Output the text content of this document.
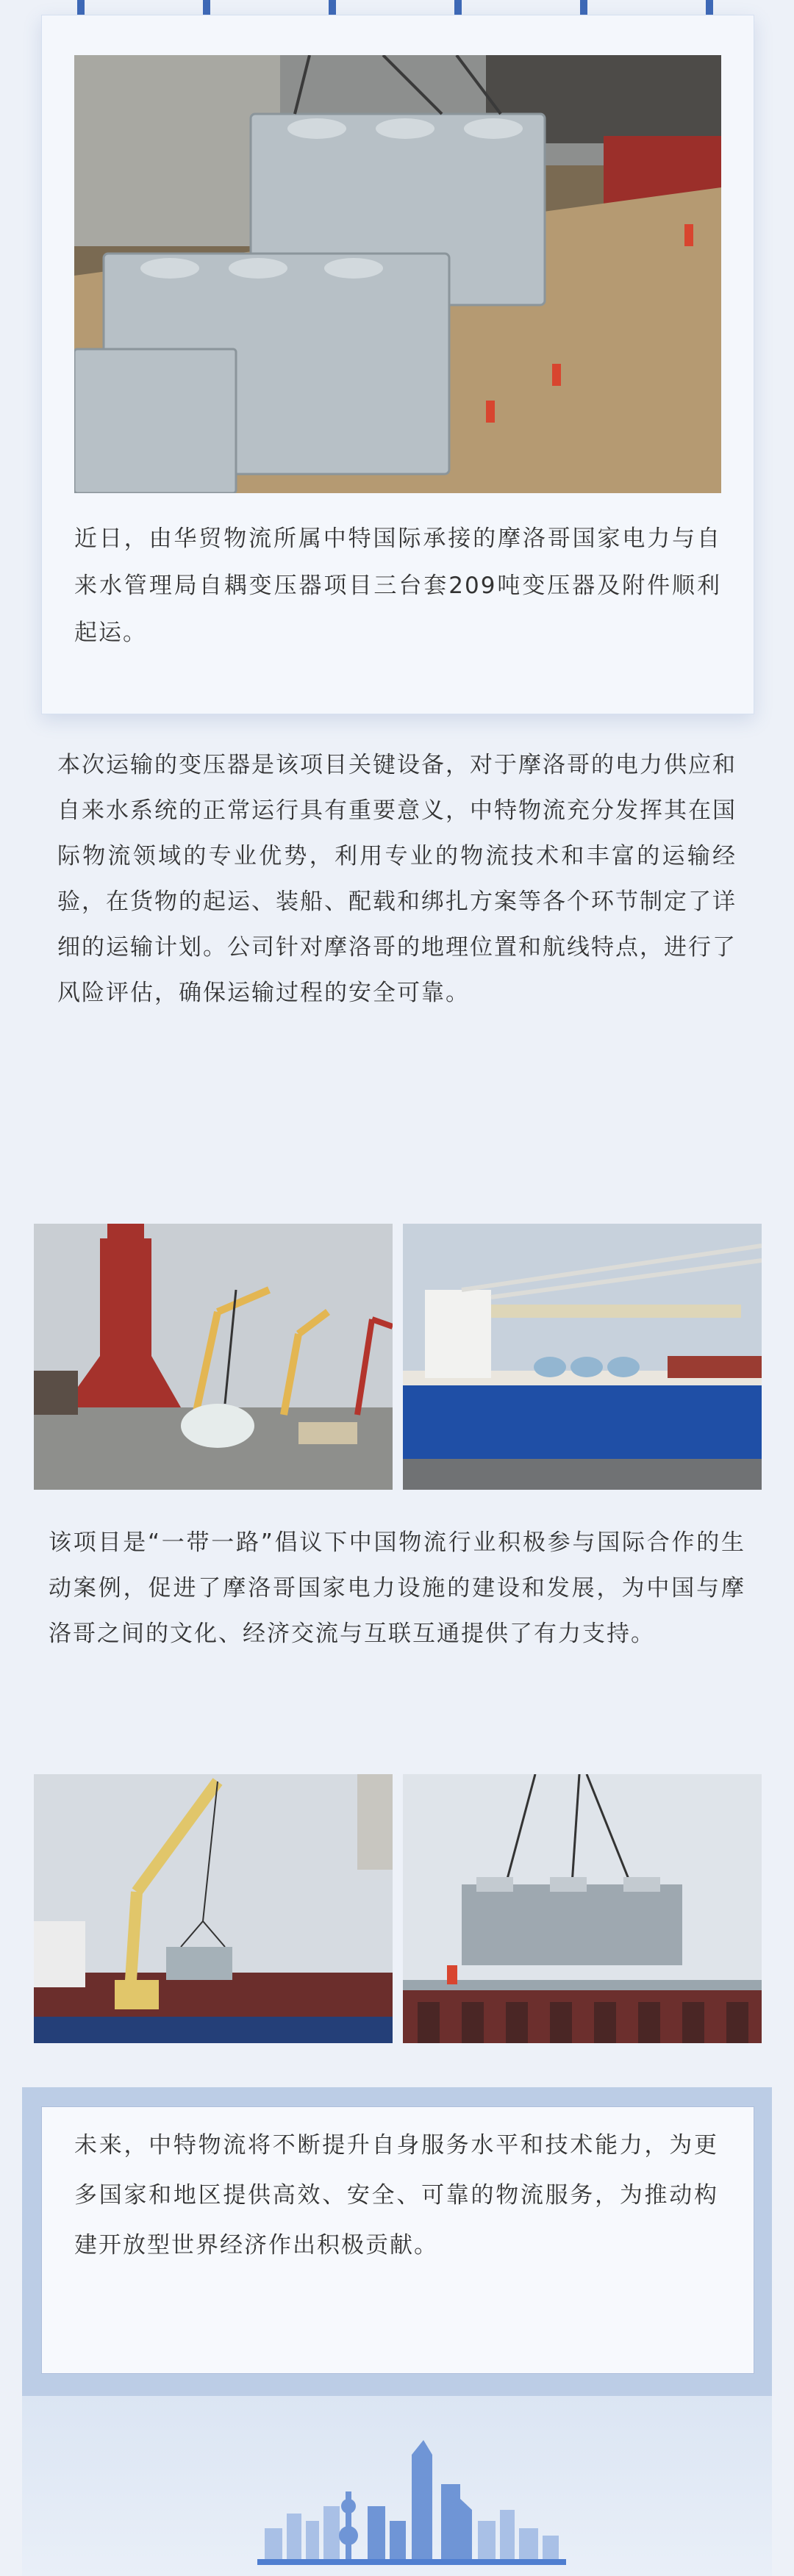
近日，由华贸物流所属中特国际承接的摩洛哥国家电力与自来水管理局自耦变压器项目三台套209吨变压器及附件顺利起运。
本次运输的变压器是该项目关键设备，对于摩洛哥的电力供应和自来水系统的正常运行具有重要意义，中特物流充分发挥其在国际物流领域的专业优势，利用专业的物流技术和丰富的运输经验，在货物的起运、装船、配载和绑扎方案等各个环节制定了详细的运输计划。公司针对摩洛哥的地理位置和航线特点，进行了风险评估，确保运输过程的安全可靠。
该项目是“一带一路”倡议下中国物流行业积极参与国际合作的生动案例，促进了摩洛哥国家电力设施的建设和发展，为中国与摩洛哥之间的文化、经济交流与互联互通提供了有力支持。
未来，中特物流将不断提升自身服务水平和技术能力，为更多国家和地区提供高效、安全、可靠的物流服务，为推动构建开放型世界经济作出积极贡献。
